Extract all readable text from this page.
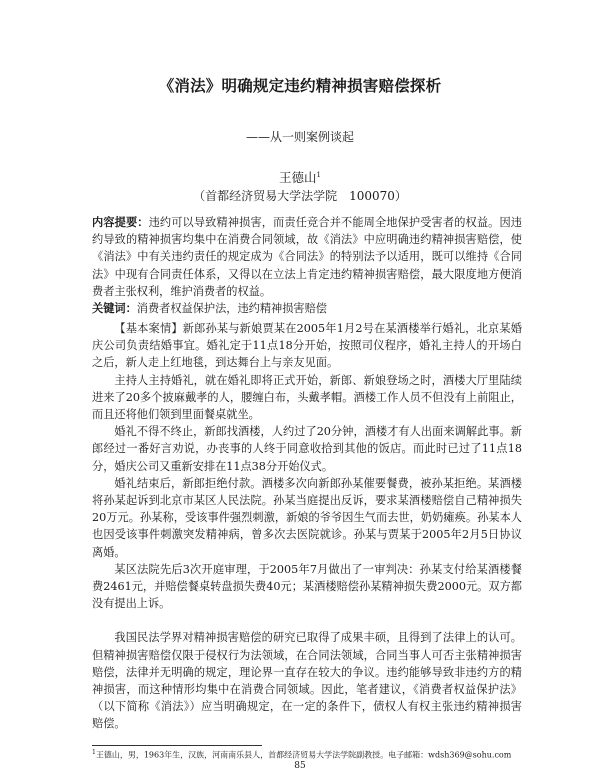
《消法》明确规定违约精神损害赔偿探析
——从一则案例谈起
王德山$^1$
（首都经济贸易大学法学院　100070）
内容提要：违约可以导致精神损害，而责任竞合并不能周全地保护受害者的权益。因违约导致的精神损害均集中在消费合同领域，故《消法》中应明确违约精神损害赔偿，使《消法》中有关违约责任的规定成为《合同法》的特别法予以适用，既可以维持《合同法》中现有合同责任体系，又得以在立法上肯定违约精神损害赔偿，最大限度地方便消费者主张权利，维护消费者的权益。
关键词：消费者权益保护法，违约精神损害赔偿

【基本案情】新郎孙某与新娘贾某在2005年1月2号在某酒楼举行婚礼，北京某婚庆公司负责结婚事宜。婚礼定于11点18分开始，按照司仪程序，婚礼主持人的开场白之后，新人走上红地毯，到达舞台上与亲友见面。

主持人主持婚礼，就在婚礼即将正式开始，新郎、新娘登场之时，酒楼大厅里陆续进来了20多个披麻戴孝的人，腰缠白布，头戴孝帽。酒楼工作人员不但没有上前阻止，而且还将他们领到里面餐桌就坐。

婚礼不得不终止，新郎找酒楼，人约过了20分钟，酒楼才有人出面来调解此事。新郎经过一番好言劝说，办丧事的人终于同意收拾到其他的饭店。而此时已过了11点18分，婚庆公司又重新安排在11点38分开始仪式。

婚礼结束后，新郎拒绝付款。酒楼多次向新郎孙某催要餐费，被孙某拒绝。某酒楼将孙某起诉到北京市某区人民法院。孙某当庭提出反诉，要求某酒楼赔偿自己精神损失20万元。孙某称，受该事件强烈刺激，新娘的爷爷因生气而去世，奶奶瘫痪。孙某本人也因受该事件刺激突发精神病，曾多次去医院就诊。孙某与贾某于2005年2月5日协议离婚。

某区法院先后3次开庭审理，于2005年7月做出了一审判决：孙某支付给某酒楼餐费2461元，并赔偿餐桌转盘损失费40元；某酒楼赔偿孙某精神损失费2000元。双方都没有提出上诉。

我国民法学界对精神损害赔偿的研究已取得了成果丰硕，且得到了法律上的认可。但精神损害赔偿仅限于侵权行为法领域，在合同法领域，合同当事人可否主张精神损害赔偿，法律并无明确的规定，理论界一直存在较大的争议。违约能够导致非违约方的精神损害，而这种情形均集中在消费合同领域。因此，笔者建议，《消费者权益保护法》（以下简称《消法》）应当明确规定，在一定的条件下，债权人有权主张违约精神损害赔偿。

$^1$王德山，男，1963年生，汉族，河南南乐县人，首都经济贸易大学法学院副教授。电子邮箱：wdsh369@sohu.com
85
